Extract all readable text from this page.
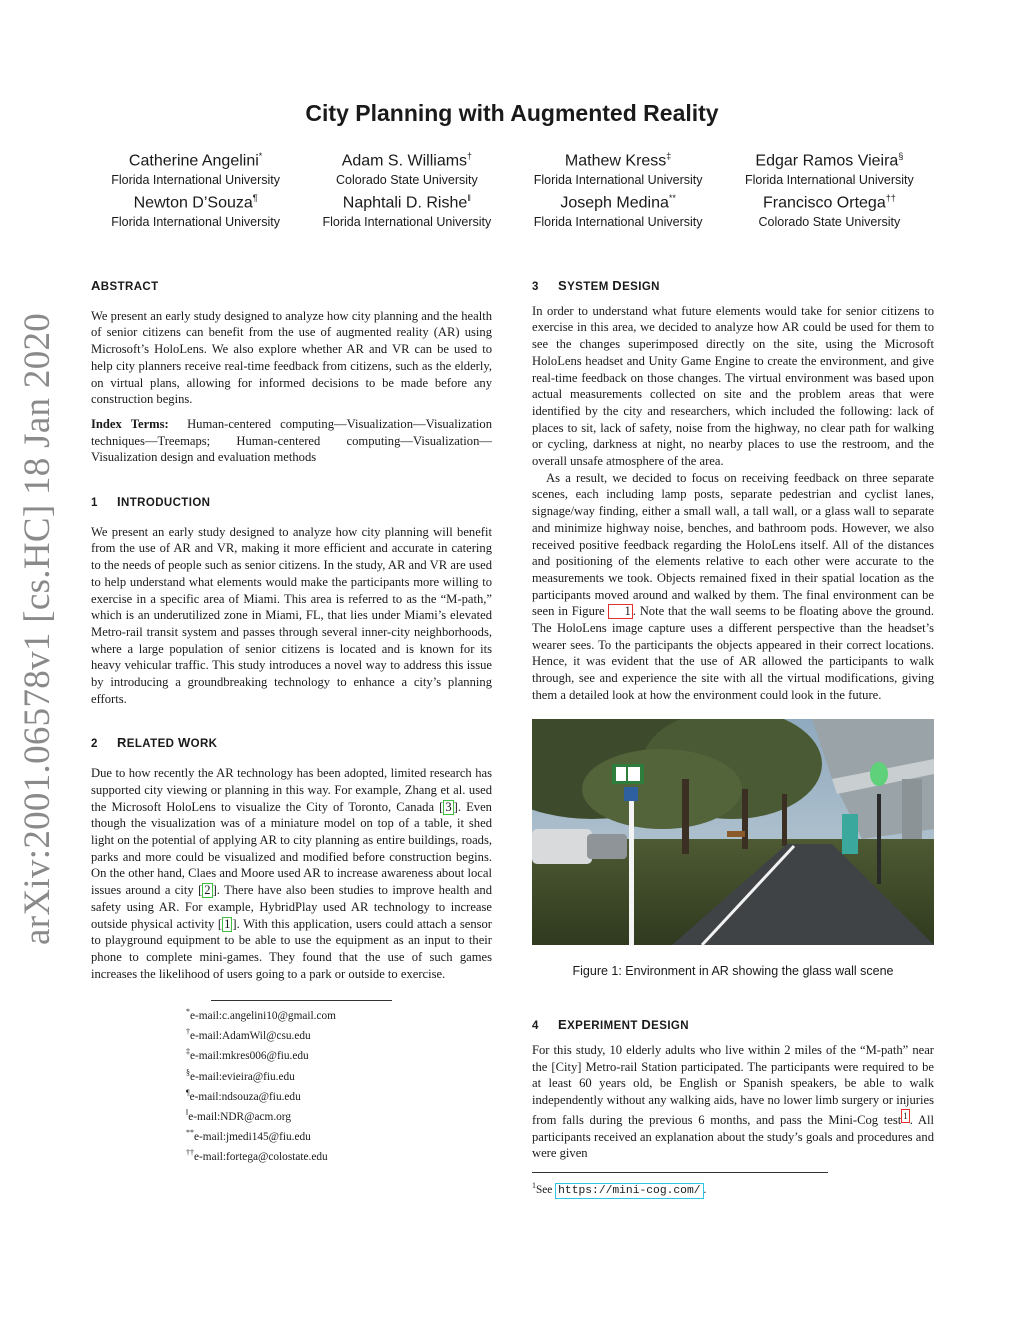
arXiv:2001.06578v1 [cs.HC] 18 Jan 2020
City Planning with Augmented Reality
Catherine Angelini*
Florida International University
Adam S. Williams†
Colorado State University
Mathew Kress‡
Florida International University
Edgar Ramos Vieira§
Florida International University
Newton D’Souza¶
Florida International University
Naphtali D. Rishe‖
Florida International University
Joseph Medina**
Florida International University
Francisco Ortega††
Colorado State University
ABSTRACT

We present an early study designed to analyze how city planning and the health of senior citizens can benefit from the use of augmented reality (AR) using Microsoft’s HoloLens. We also explore whether AR and VR can be used to help city planners receive real-time feedback from citizens, such as the elderly, on virtual plans, allowing for informed decisions to be made before any construction begins.

Index Terms: Human-centered computing—Visualization—Visualization techniques—Treemaps; Human-centered computing—Visualization—Visualization design and evaluation methods

1 INTRODUCTION

We present an early study designed to analyze how city planning will benefit from the use of AR and VR, making it more efficient and accurate in catering to the needs of people such as senior citizens. In the study, AR and VR are used to help understand what elements would make the participants more willing to exercise in a specific area of Miami. This area is referred to as the “M-path,” which is an underutilized zone in Miami, FL, that lies under Miami’s elevated Metro-rail transit system and passes through several inner-city neighborhoods, where a large population of senior citizens is located and is known for its heavy vehicular traffic. This study introduces a novel way to address this issue by introducing a groundbreaking technology to enhance a city’s planning efforts.

2 RELATED WORK

Due to how recently the AR technology has been adopted, limited research has supported city viewing or planning in this way. For example, Zhang et al. used the Microsoft HoloLens to visualize the City of Toronto, Canada [ 3 ]. Even though the visualization was of a miniature model on top of a table, it shed light on the potential of applying AR to city planning as entire buildings, roads, parks and more could be visualized and modified before construction begins. On the other hand, Claes and Moore used AR to increase awareness about local issues around a city [ 2 ]. There have also been studies to improve health and safety using AR. For example, HybridPlay used AR technology to increase outside physical activity [ 1 ]. With this application, users could attach a sensor to playground equipment to be able to use the equipment as an input to their phone to complete mini-games. They found that the use of such games increases the likelihood of users going to a park or outside to exercise.

*e-mail:c.angelini10@gmail.com
†e-mail:AdamWil@csu.edu
‡e-mail:mkres006@fiu.edu
§e-mail:evieira@fiu.edu
¶e-mail:ndsouza@fiu.edu
‖e-mail:NDR@acm.org
**e-mail:jmedi145@fiu.edu
††e-mail:fortega@colostate.edu
3 SYSTEM DESIGN

In order to understand what future elements would take for senior citizens to exercise in this area, we decided to analyze how AR could be used for them to see the changes superimposed directly on the site, using the Microsoft HoloLens headset and Unity Game Engine to create the environment, and give real-time feedback on those changes. The virtual environment was based upon actual measurements collected on site and the problem areas that were identified by the city and researchers, which included the following: lack of places to sit, lack of safety, noise from the highway, no clear path for walking or cycling, darkness at night, no nearby places to use the restroom, and the overall unsafe atmosphere of the area.

As a result, we decided to focus on receiving feedback on three separate scenes, each including lamp posts, separate pedestrian and cyclist lanes, signage/way finding, either a small wall, a tall wall, or a glass wall to separate and minimize highway noise, benches, and bathroom pods. However, we also received positive feedback regarding the HoloLens itself. All of the distances and positioning of the elements relative to each other were accurate to the measurements we took. Objects remained fixed in their spatial location as the participants moved around and walked by them. The final environment can be seen in Figure 1 . Note that the wall seems to be floating above the ground. The HoloLens image capture uses a different perspective than the headset’s wearer sees. To the participants the objects appeared in their correct locations. Hence, it was evident that the use of AR allowed the participants to walk through, see and experience the site with all the virtual modifications, giving them a detailed look at how the environment could look in the future.

Figure 1: Environment in AR showing the glass wall scene
4 EXPERIMENT DESIGN

For this study, 10 elderly adults who live within 2 miles of the “M-path” near the [City] Metro-rail Station participated. The participants were required to be at least 60 years old, be English or Spanish speakers, be able to walk independently without any walking aids, have no lower limb surgery or injuries from falls during the previous 6 months, and pass the Mini-Cog test 1 . All participants received an explanation about the study’s goals and procedures and were given

$^1$See https://mini-cog.com/ .
